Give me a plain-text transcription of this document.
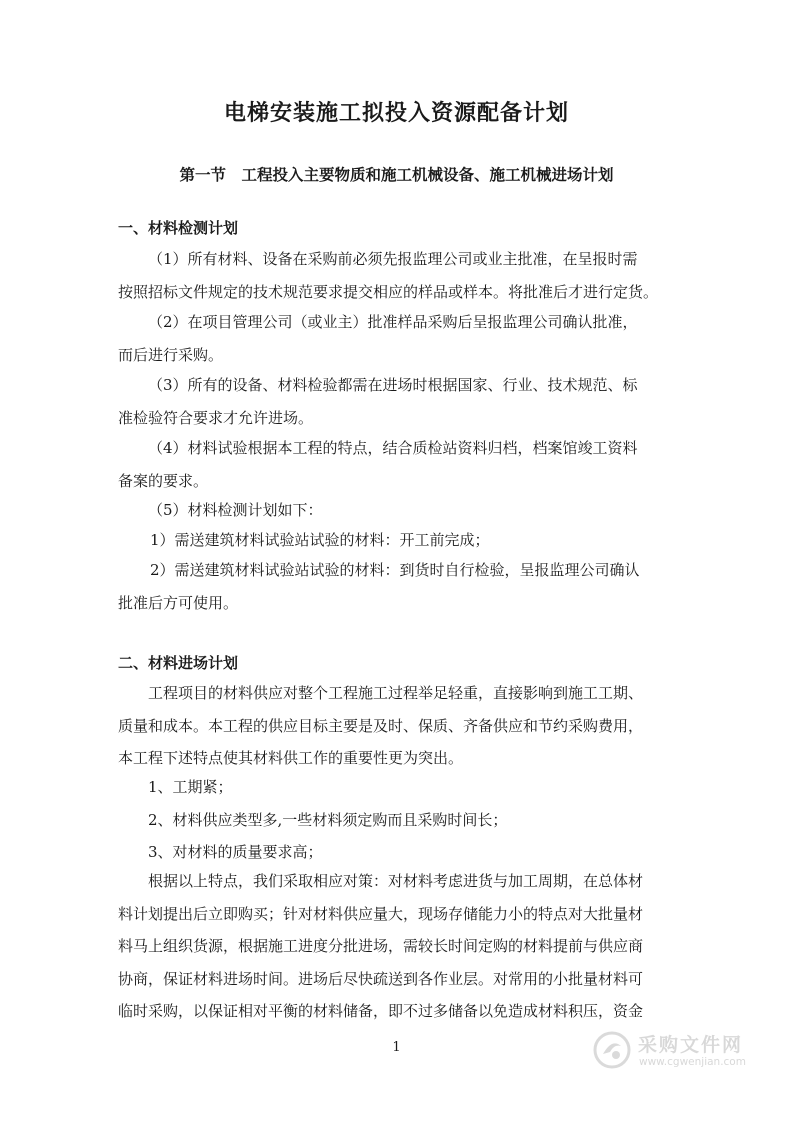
电梯安装施工拟投入资源配备计划
第一节　工程投入主要物质和施工机械设备、施工机械进场计划
一、材料检测计划
（1）所有材料、设备在采购前必须先报监理公司或业主批准，在呈报时需
按照招标文件规定的技术规范要求提交相应的样品或样本。将批准后才进行定货。
（2）在项目管理公司（或业主）批准样品采购后呈报监理公司确认批准，
而后进行采购。
（3）所有的设备、材料检验都需在进场时根据国家、行业、技术规范、标
准检验符合要求才允许进场。
（4）材料试验根据本工程的特点，结合质检站资料归档，档案馆竣工资料
备案的要求。
（5）材料检测计划如下：
1）需送建筑材料试验站试验的材料：开工前完成；
2）需送建筑材料试验站试验的材料：到货时自行检验，呈报监理公司确认
批准后方可使用。
二、材料进场计划
工程项目的材料供应对整个工程施工过程举足轻重，直接影响到施工工期、
质量和成本。本工程的供应目标主要是及时、保质、齐备供应和节约采购费用，
本工程下述特点使其材料供工作的重要性更为突出。
1、工期紧；
2、材料供应类型多,一些材料须定购而且采购时间长；
3、对材料的质量要求高；
根据以上特点，我们采取相应对策：对材料考虑进货与加工周期，在总体材
料计划提出后立即购买；针对材料供应量大，现场存储能力小的特点对大批量材
料马上组织货源，根据施工进度分批进场，需较长时间定购的材料提前与供应商
协商，保证材料进场时间。进场后尽快疏送到各作业层。对常用的小批量材料可
临时采购，以保证相对平衡的材料储备，即不过多储备以免造成材料积压，资金
1	采购文件网
www.cgwenjian.com
